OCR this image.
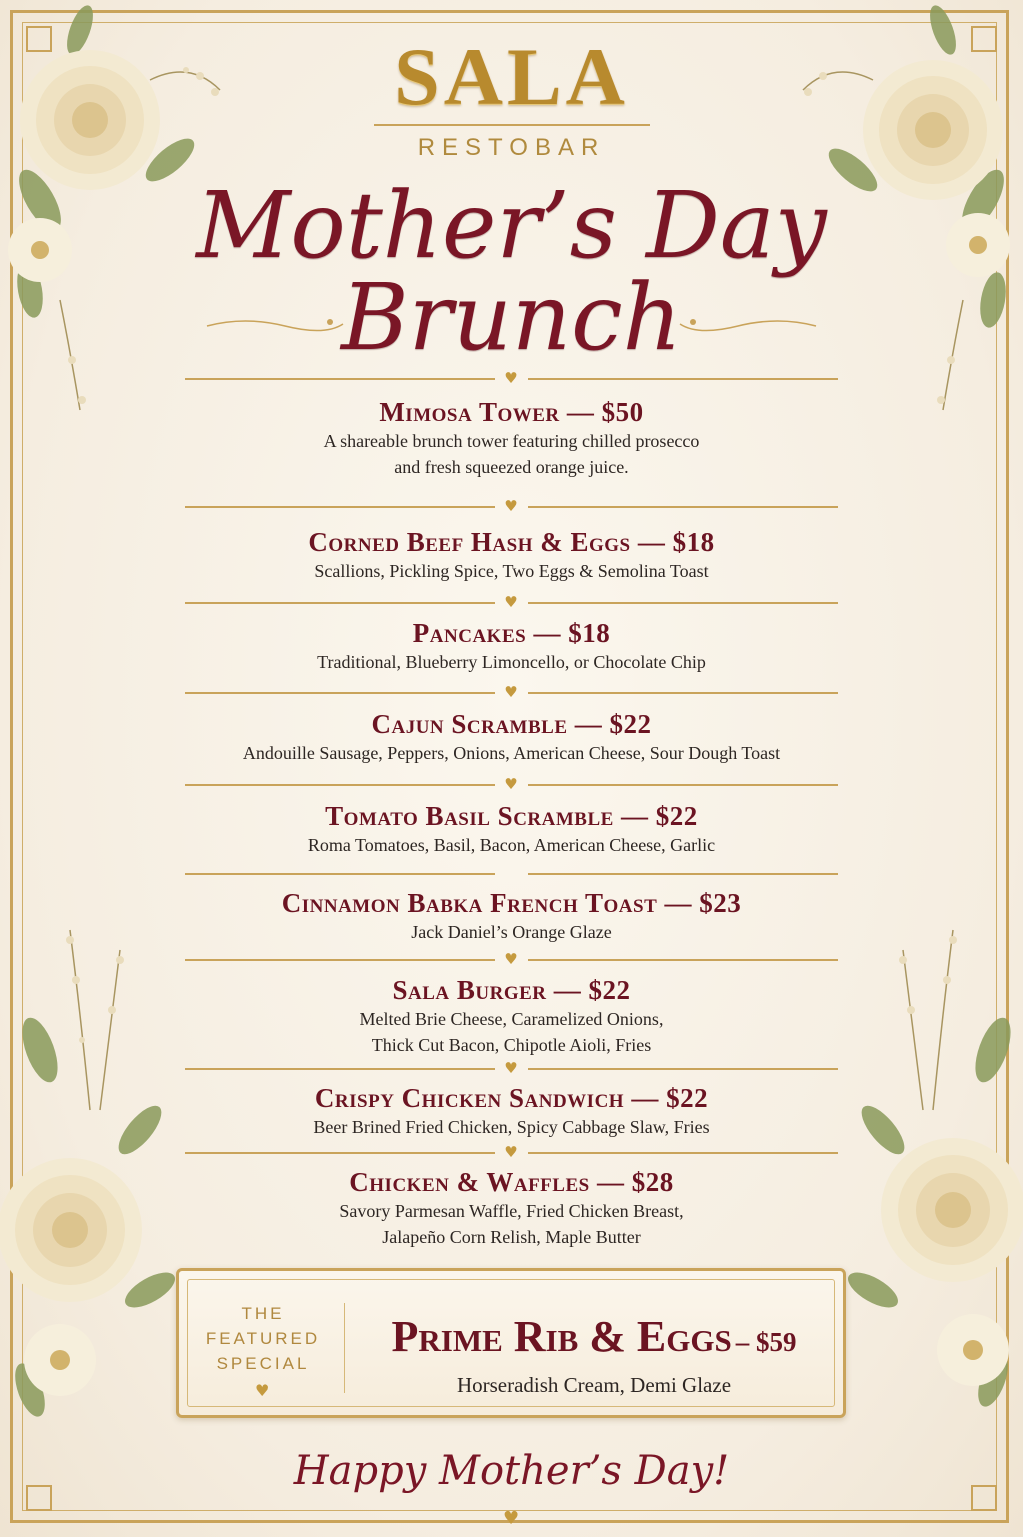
SALA
RESTOBAR
Mother’s Day
Brunch
♥
Mimosa Tower — $50
A shareable brunch tower featuring chilled prosecco
and fresh squeezed orange juice.
♥
Corned Beef Hash & Eggs — $18
Scallions, Pickling Spice, Two Eggs & Semolina Toast
♥
Pancakes — $18
Traditional, Blueberry Limoncello, or Chocolate Chip
♥
Cajun Scramble — $22
Andouille Sausage, Peppers, Onions, American Cheese, Sour Dough Toast
♥
Tomato Basil Scramble — $22
Roma Tomatoes, Basil, Bacon, American Cheese, Garlic
Cinnamon Babka French Toast — $23
Jack Daniel’s Orange Glaze
♥
Sala Burger — $22
Melted Brie Cheese, Caramelized Onions,
Thick Cut Bacon, Chipotle Aioli, Fries
♥
Crispy Chicken Sandwich — $22
Beer Brined Fried Chicken, Spicy Cabbage Slaw, Fries
♥
Chicken & Waffles — $28
Savory Parmesan Waffle, Fried Chicken Breast,
Jalapeño Corn Relish, Maple Butter
THE
FEATURED
SPECIAL
♥
Prime Rib & Eggs – $59
Horseradish Cream, Demi Glaze
Happy Mother’s Day!
♥
